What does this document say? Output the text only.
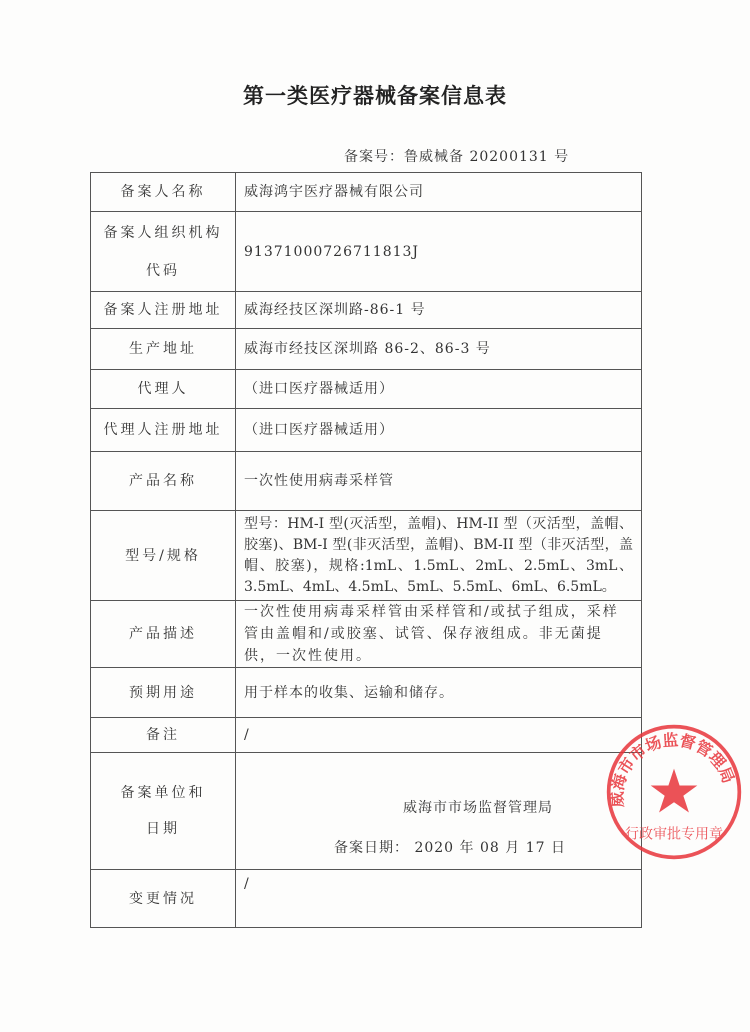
第一类医疗器械备案信息表
备案号：鲁威械备 20200131 号
备案人名称	威海鸿宇医疗器械有限公司
备案人组织机构代码	91371000726711813J
备案人注册地址	威海经技区深圳路-86-1 号
生产地址	威海市经技区深圳路 86-2、86-3 号
代理人	（进口医疗器械适用）
代理人注册地址	（进口医疗器械适用）
产品名称	一次性使用病毒采样管
型号/规格	型号：HM-I 型(灭活型，盖帽)、HM-II 型（灭活型，盖帽、胶塞)、BM-I 型(非灭活型，盖帽)、BM-II 型（非灭活型，盖帽、胶塞)，规格:1mL、1.5mL、2mL、2.5mL、3mL、3.5mL、4mL、4.5mL、5mL、5.5mL、6mL、6.5mL。
产品描述	一次性使用病毒采样管由采样管和/或拭子组成，采样管由盖帽和/或胶塞、试管、保存液组成。非无菌提供，一次性使用。
预期用途	用于样本的收集、运输和储存。
备注	/
备案单位和日期	威海市市场监督管理局
备案日期： 2020 年 08 月 17 日

变更情况	/
威海市市场监督管理局
行政审批专用章
